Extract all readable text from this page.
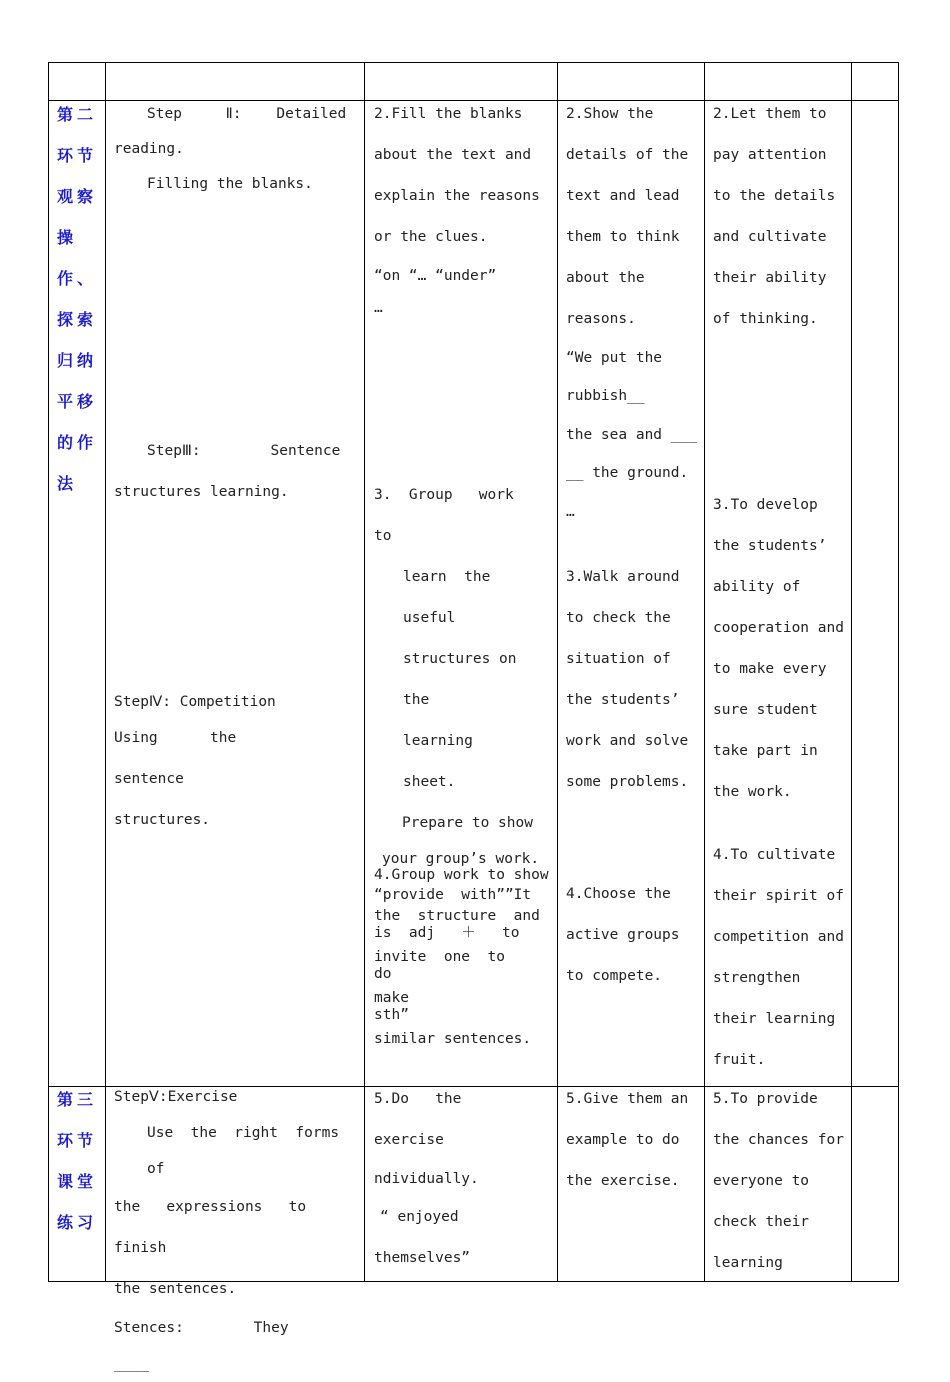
第二

环节

观察

操

作、

探索

归纳

平移

的作

法

Step     Ⅱ:    Detailed

reading.

Filling the blanks.

StepⅢ:        Sentence

structures learning.

StepⅣ: Competition

Using      the      sentence

structures.

2.Fill the blanks

about the text and

explain the reasons

or the clues.

“on “… “under”

…

3.  Group   work   to

learn  the  useful

structures on the

learning    sheet.

Prepare to show

your group’s work.

“provide  with””It

is  adj   ＋   to  do

sth”

4.Group work to show

the  structure  and

invite  one  to  make

similar sentences.

2.Show the

details of the

text and lead

them to think

about the

reasons.

“We put the

rubbish__

the sea and ___

__ the ground.

…

3.Walk around

to check the

situation of

the students’

work and solve

some problems.

4.Choose the

active groups

to compete.

2.Let them to

pay attention

to the details

and cultivate

their ability

of thinking.

3.To develop

the students’

ability of

cooperation and

to make every

sure student

take part in

the work.

4.To cultivate

their spirit of

competition and

strengthen

their learning

fruit.

第三

环节

课堂

练习

StepⅤ:Exercise

Use  the  right  forms  of

the   expressions   to   finish

the sentences.

Stences:        They        ____

5.Do   the   exercise

ndividually.

“ enjoyed

themselves”

5.Give them an

example to do

the exercise.

5.To provide

the chances for

everyone to

check their

learning
